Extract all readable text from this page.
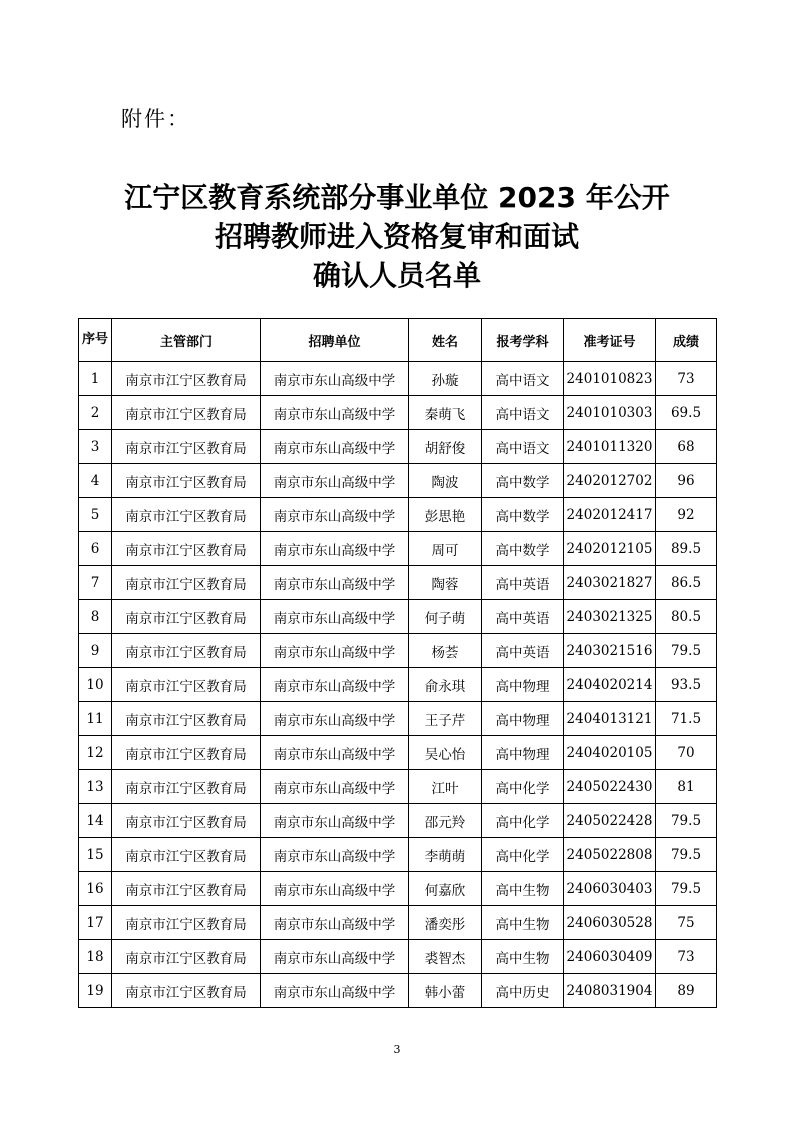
附件：
江宁区教育系统部分事业单位 2023 年公开
招聘教师进入资格复审和面试
确认人员名单
序号	主管部门	招聘单位	姓名	报考学科	准考证号	成绩
1	南京市江宁区教育局	南京市东山高级中学	孙璇	高中语文	2401010823	73
2	南京市江宁区教育局	南京市东山高级中学	秦萌飞	高中语文	2401010303	69.5
3	南京市江宁区教育局	南京市东山高级中学	胡舒俊	高中语文	2401011320	68
4	南京市江宁区教育局	南京市东山高级中学	陶波	高中数学	2402012702	96
5	南京市江宁区教育局	南京市东山高级中学	彭思艳	高中数学	2402012417	92
6	南京市江宁区教育局	南京市东山高级中学	周可	高中数学	2402012105	89.5
7	南京市江宁区教育局	南京市东山高级中学	陶蓉	高中英语	2403021827	86.5
8	南京市江宁区教育局	南京市东山高级中学	何子萌	高中英语	2403021325	80.5
9	南京市江宁区教育局	南京市东山高级中学	杨荟	高中英语	2403021516	79.5
10	南京市江宁区教育局	南京市东山高级中学	俞永琪	高中物理	2404020214	93.5
11	南京市江宁区教育局	南京市东山高级中学	王子芹	高中物理	2404013121	71.5
12	南京市江宁区教育局	南京市东山高级中学	吴心怡	高中物理	2404020105	70
13	南京市江宁区教育局	南京市东山高级中学	江叶	高中化学	2405022430	81
14	南京市江宁区教育局	南京市东山高级中学	邵元羚	高中化学	2405022428	79.5
15	南京市江宁区教育局	南京市东山高级中学	李萌萌	高中化学	2405022808	79.5
16	南京市江宁区教育局	南京市东山高级中学	何嘉欣	高中生物	2406030403	79.5
17	南京市江宁区教育局	南京市东山高级中学	潘奕彤	高中生物	2406030528	75
18	南京市江宁区教育局	南京市东山高级中学	裘智杰	高中生物	2406030409	73
19	南京市江宁区教育局	南京市东山高级中学	韩小蕾	高中历史	2408031904	89
3
